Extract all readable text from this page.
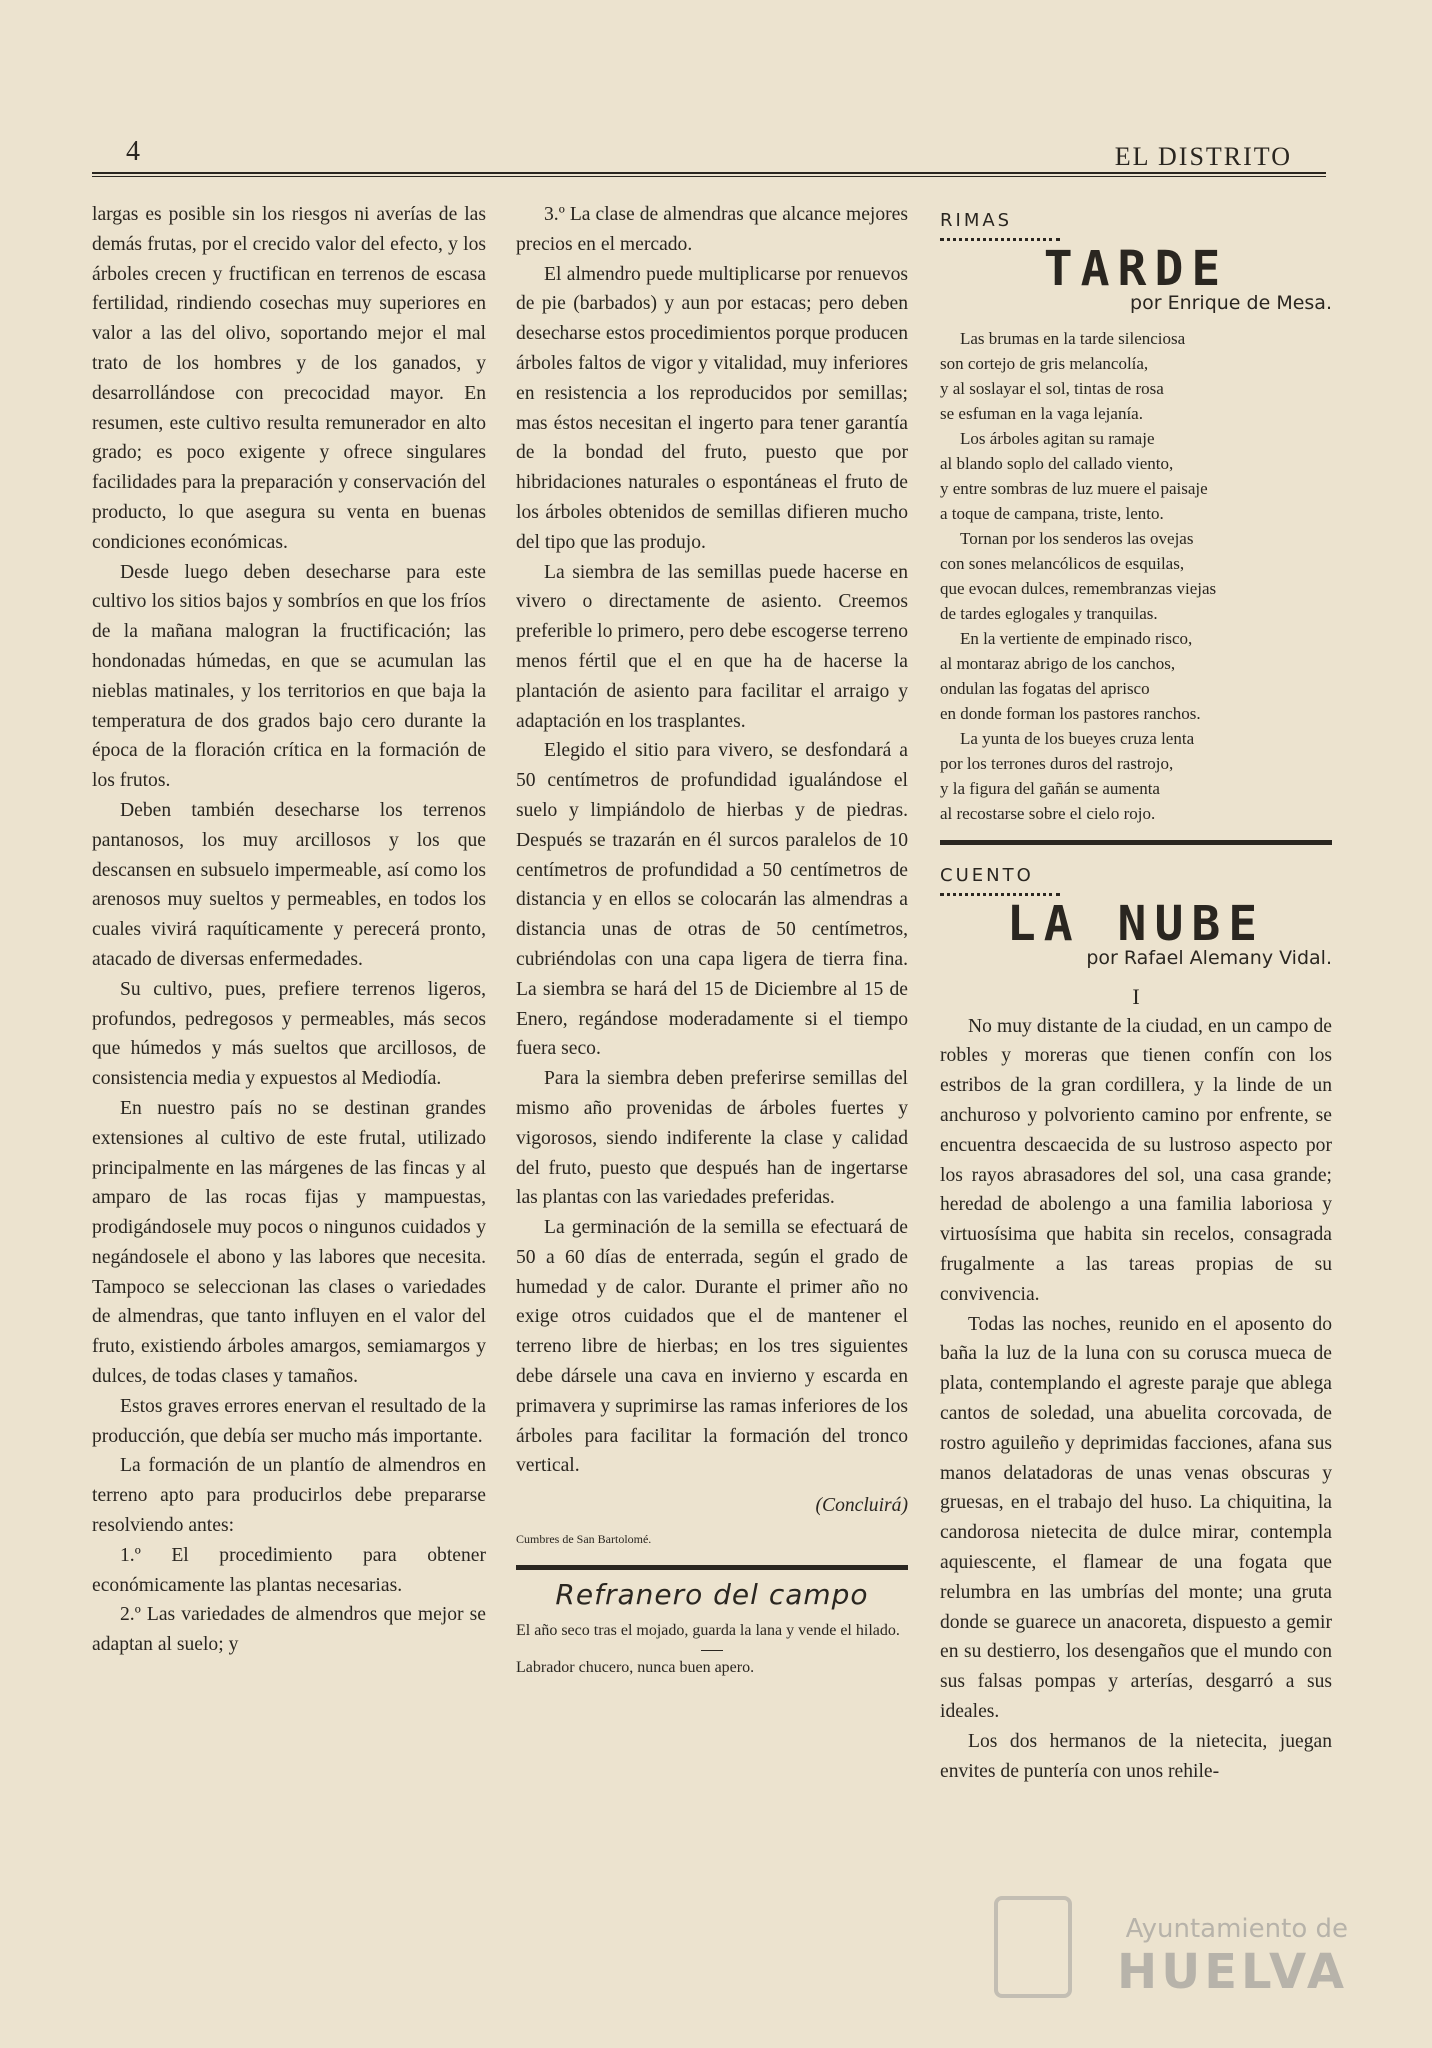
4	EL DISTRITO

largas es posible sin los riesgos ni averías de las demás frutas, por el crecido valor del efecto, y los árboles crecen y fructifican en terrenos de escasa fertilidad, rindiendo cosechas muy superiores en valor a las del olivo, soportando mejor el mal trato de los hombres y de los ganados, y desarrollándose con precocidad mayor. En resumen, este cultivo resulta remunerador en alto grado; es poco exigente y ofrece singulares facilidades para la preparación y conservación del producto, lo que asegura su venta en buenas condiciones económicas.

Desde luego deben desecharse para este cultivo los sitios bajos y sombríos en que los fríos de la mañana malogran la fructificación; las hondonadas húmedas, en que se acumulan las nieblas matinales, y los territorios en que baja la temperatura de dos grados bajo cero durante la época de la floración crítica en la formación de los frutos.

Deben también desecharse los terrenos pantanosos, los muy arcillosos y los que descansen en subsuelo impermeable, así como los arenosos muy sueltos y permeables, en todos los cuales vivirá raquíticamente y perecerá pronto, atacado de diversas enfermedades.

Su cultivo, pues, prefiere terrenos ligeros, profundos, pedregosos y permeables, más secos que húmedos y más sueltos que arcillosos, de consistencia media y expuestos al Mediodía.

En nuestro país no se destinan grandes extensiones al cultivo de este frutal, utilizado principalmente en las márgenes de las fincas y al amparo de las rocas fijas y mampuestas, prodigándosele muy pocos o ningunos cuidados y negándosele el abono y las labores que necesita. Tampoco se seleccionan las clases o variedades de almendras, que tanto influyen en el valor del fruto, existiendo árboles amargos, semiamargos y dulces, de todas clases y tamaños.

Estos graves errores enervan el resultado de la producción, que debía ser mucho más importante.

La formación de un plantío de almendros en terreno apto para producirlos debe prepararse resolviendo antes:

1.º El procedimiento para obtener económicamente las plantas necesarias.

2.º Las variedades de almendros que mejor se adaptan al suelo; y

3.º La clase de almendras que alcance mejores precios en el mercado.

El almendro puede multiplicarse por renuevos de pie (barbados) y aun por estacas; pero deben desecharse estos procedimientos porque producen árboles faltos de vigor y vitalidad, muy inferiores en resistencia a los reproducidos por semillas; mas éstos necesitan el ingerto para tener garantía de la bondad del fruto, puesto que por hibridaciones naturales o espontáneas el fruto de los árboles obtenidos de semillas difieren mucho del tipo que las produjo.

La siembra de las semillas puede hacerse en vivero o directamente de asiento. Creemos preferible lo primero, pero debe escogerse terreno menos fértil que el en que ha de hacerse la plantación de asiento para facilitar el arraigo y adaptación en los trasplantes.

Elegido el sitio para vivero, se desfondará a 50 centímetros de profundidad igualándose el suelo y limpiándolo de hierbas y de piedras. Después se trazarán en él surcos paralelos de 10 centímetros de profundidad a 50 centímetros de distancia y en ellos se colocarán las almendras a distancia unas de otras de 50 centímetros, cubriéndolas con una capa ligera de tierra fina. La siembra se hará del 15 de Diciembre al 15 de Enero, regándose moderadamente si el tiempo fuera seco.

Para la siembra deben preferirse semillas del mismo año provenidas de árboles fuertes y vigorosos, siendo indiferente la clase y calidad del fruto, puesto que después han de ingertarse las plantas con las variedades preferidas.

La germinación de la semilla se efectuará de 50 a 60 días de enterrada, según el grado de humedad y de calor. Durante el primer año no exige otros cuidados que el de mantener el terreno libre de hierbas; en los tres siguientes debe dársele una cava en invierno y escarda en primavera y suprimirse las ramas inferiores de los árboles para facilitar la formación del tronco vertical.

(Concluirá)

Cumbres de San Bartolomé.

Refranero del campo

El año seco tras el mojado, guarda la lana y vende el hilado.

Labrador chucero, nunca buen apero.

RIMAS
TARDE
por Enrique de Mesa.

Las brumas en la tarde silenciosa

son cortejo de gris melancolía,

y al soslayar el sol, tintas de rosa

se esfuman en la vaga lejanía.

Los árboles agitan su ramaje

al blando soplo del callado viento,

y entre sombras de luz muere el paisaje

a toque de campana, triste, lento.

Tornan por los senderos las ovejas

con sones melancólicos de esquilas,

que evocan dulces, remembranzas viejas

de tardes eglogales y tranquilas.

En la vertiente de empinado risco,

al montaraz abrigo de los canchos,

ondulan las fogatas del aprisco

en donde forman los pastores ranchos.

La yunta de los bueyes cruza lenta

por los terrones duros del rastrojo,

y la figura del gañán se aumenta

al recostarse sobre el cielo rojo.

CUENTO
LA NUBE
por Rafael Alemany Vidal.

I

No muy distante de la ciudad, en un campo de robles y moreras que tienen confín con los estribos de la gran cordillera, y la linde de un anchuroso y polvoriento camino por enfrente, se encuentra descaecida de su lustroso aspecto por los rayos abrasadores del sol, una casa grande; heredad de abolengo a una familia laboriosa y virtuosísima que habita sin recelos, consagrada frugalmente a las tareas propias de su convivencia.

Todas las noches, reunido en el aposento do baña la luz de la luna con su corusca mueca de plata, contemplando el agreste paraje que ablega cantos de soledad, una abuelita corcovada, de rostro aguileño y deprimidas facciones, afana sus manos delatadoras de unas venas obscuras y gruesas, en el trabajo del huso. La chiquitina, la candorosa nietecita de dulce mirar, contempla aquiescente, el flamear de una fogata que relumbra en las umbrías del monte; una gruta donde se guarece un anacoreta, dispuesto a gemir en su destierro, los desengaños que el mundo con sus falsas pompas y arterías, desgarró a sus ideales.

Los dos hermanos de la nietecita, juegan envites de puntería con unos rehile-

Ayuntamiento de
HUELVA
